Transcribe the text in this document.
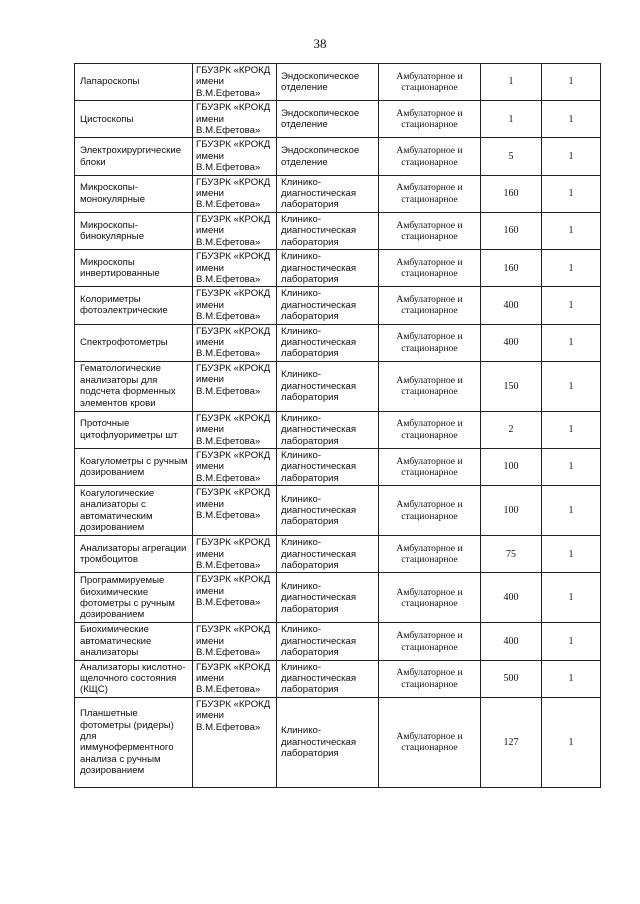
38
Лапароскопы	ГБУЗРК «КРОКД имени В.М.Ефетова»	Эндоскопическое отделение	Амбулаторное и стационарное	1	1
Цистоскопы	ГБУЗРК «КРОКД имени В.М.Ефетова»	Эндоскопическое отделение	Амбулаторное и стационарное	1	1
Электрохирургические блоки	ГБУЗРК «КРОКД имени В.М.Ефетова»	Эндоскопическое отделение	Амбулаторное и стационарное	5	1
Микроскопы-монокулярные	ГБУЗРК «КРОКД имени В.М.Ефетова»	Клинико-диагностическая лаборатория	Амбулаторное и стационарное	160	1
Микроскопы-бинокулярные	ГБУЗРК «КРОКД имени В.М.Ефетова»	Клинико-диагностическая лаборатория	Амбулаторное и стационарное	160	1
Микроскопы инвертированные	ГБУЗРК «КРОКД имени В.М.Ефетова»	Клинико-диагностическая лаборатория	Амбулаторное и стационарное	160	1
Колориметры фотоэлектрические	ГБУЗРК «КРОКД имени В.М.Ефетова»	Клинико-диагностическая лаборатория	Амбулаторное и стационарное	400	1
Спектрофотометры	ГБУЗРК «КРОКД имени В.М.Ефетова»	Клинико-диагностическая лаборатория	Амбулаторное и стационарное	400	1
Гематологические анализаторы для подсчета форменных элементов крови	ГБУЗРК «КРОКД имени В.М.Ефетова»	Клинико-диагностическая лаборатория	Амбулаторное и стационарное	150	1
Проточные цитофлуориметры шт	ГБУЗРК «КРОКД имени В.М.Ефетова»	Клинико-диагностическая лаборатория	Амбулаторное и стационарное	2	1
Коагулометры с ручным дозированием	ГБУЗРК «КРОКД имени В.М.Ефетова»	Клинико-диагностическая лаборатория	Амбулаторное и стационарное	100	1
Коагулогические анализаторы с автоматическим дозированием	ГБУЗРК «КРОКД имени В.М.Ефетова»	Клинико-диагностическая лаборатория	Амбулаторное и стационарное	100	1
Анализаторы агрегации тромбоцитов	ГБУЗРК «КРОКД имени В.М.Ефетова»	Клинико-диагностическая лаборатория	Амбулаторное и стационарное	75	1
Программируемые биохимические фотометры с ручным дозированием	ГБУЗРК «КРОКД имени В.М.Ефетова»	Клинико-диагностическая лаборатория	Амбулаторное и стационарное	400	1
Биохимические автоматические анализаторы	ГБУЗРК «КРОКД имени В.М.Ефетова»	Клинико-диагностическая лаборатория	Амбулаторное и стационарное	400	1
Анализаторы кислотно-щелочного состояния (КЩС)	ГБУЗРК «КРОКД имени В.М.Ефетова»	Клинико-диагностическая лаборатория	Амбулаторное и стационарное	500	1
Планшетные фотометры (ридеры) для иммуноферментного анализа с ручным дозированием	ГБУЗРК «КРОКД имени В.М.Ефетова»	Клинико-диагностическая лаборатория	Амбулаторное и стационарное	127	1
